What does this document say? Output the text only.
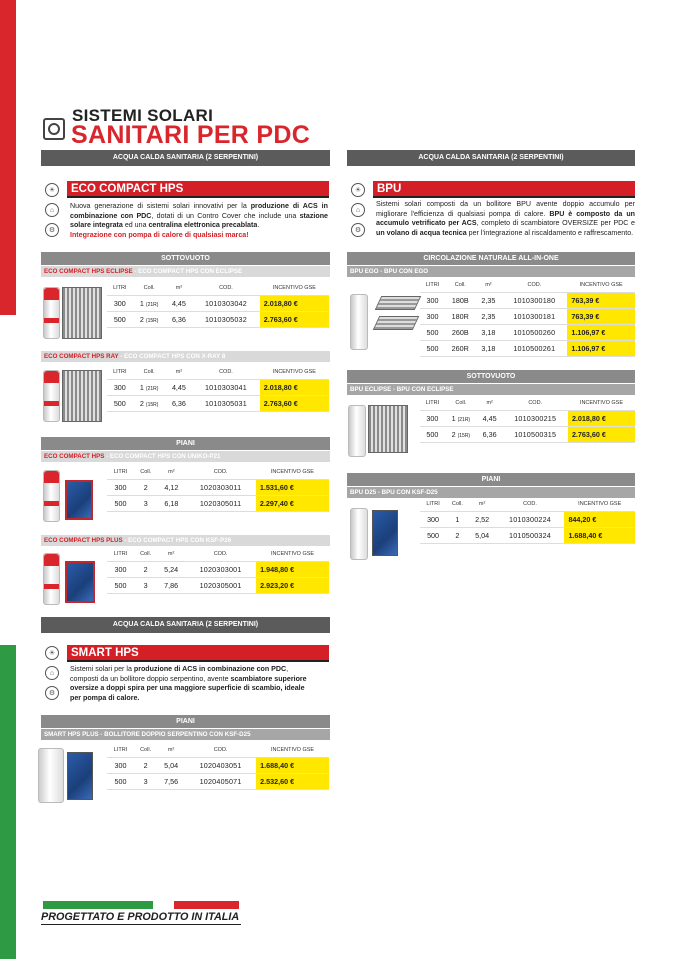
SISTEMI SOLARI
SANITARI PER PDC
ACQUA CALDA SANITARIA (2 SERPENTINI)
☀
⌂
⚙
ECO COMPACT HPS
Nuova generazione di sistemi solari innovativi per la produzione di ACS in combinazione con PDC, dotati di un Contro Cover che include una stazione solare integrata ed una centralina elettronica precablata.
Integrazione con pompa di calore di qualsiasi marca!
SOTTOVUOTO
ECO COMPACT HPS ECLIPSE - ECO COMPACT HPS CON ECLIPSE
LITRI	Coll.	m²	COD.	INCENTIVO GSE
300	1 (21R)	4,45	1010303042	2.018,80 €
500	2 (15R)	6,36	1010305032	2.763,60 €
ECO COMPACT HPS RAY - ECO COMPACT HPS CON X-RAY 8
LITRI	Coll.	m²	COD.	INCENTIVO GSE
300	1 (21R)	4,45	1010303041	2.018,80 €
500	2 (15R)	6,36	1010305031	2.763,60 €
PIANI
ECO COMPACT HPS - ECO COMPACT HPS CON UNIKO-P21
LITRI	Coll.	m²	COD.	INCENTIVO GSE
300	2	4,12	1020303011	1.531,60 €
500	3	6,18	1020305011	2.297,40 €
ECO COMPACT HPS PLUS - ECO COMPACT HPS CON KSF-P26
LITRI	Coll.	m²	COD.	INCENTIVO GSE
300	2	5,24	1020303001	1.948,80 €
500	3	7,86	1020305001	2.923,20 €
ACQUA CALDA SANITARIA (2 SERPENTINI)
☀
⌂
⚙
SMART HPS
Sistemi solari per la produzione di ACS in combinazione con PDC, composti da un bollitore doppio serpentino, avente scambiatore superiore oversize a doppi spira per una maggiore superficie di scambio, ideale per pompa di calore.
PIANI
SMART HPS PLUS - BOLLITORE DOPPIO SERPENTINO CON KSF-D25
LITRI	Coll.	m²	COD.	INCENTIVO GSE
300	2	5,04	1020403051	1.688,40 €
500	3	7,56	1020405071	2.532,60 €
ACQUA CALDA SANITARIA (2 SERPENTINI)
☀
⌂
⚙
BPU
Sistemi solari composti da un bollitore BPU avente doppio accumulo per migliorare l'efficienza di qualsiasi pompa di calore. BPU è composto da un accumulo vetrificato per ACS, completo di scambiatore OVERSIZE per PDC e un volano di acqua tecnica per l'integrazione al riscaldamento e raffrescamento.
CIRCOLAZIONE NATURALE ALL-IN-ONE
BPU EGO - BPU CON EGO
LITRI	Coll.	m²	COD.	INCENTIVO GSE
300	180B	2,35	1010300180	763,39 €
300	180R	2,35	1010300181	763,39 €
500	260B	3,18	1010500260	1.106,97 €
500	260R	3,18	1010500261	1.106,97 €
SOTTOVUOTO
BPU ECLIPSE - BPU CON ECLIPSE
LITRI	Coll.	m²	COD.	INCENTIVO GSE
300	1 (21R)	4,45	1010300215	2.018,80 €
500	2 (15R)	6,36	1010500315	2.763,60 €
PIANI
BPU D25 - BPU CON KSF-D25
LITRI	Coll.	m²	COD.	INCENTIVO GSE
300	1	2,52	1010300224	844,20 €
500	2	5,04	1010500324	1.688,40 €
PROGETTATO E PRODOTTO IN ITALIA
